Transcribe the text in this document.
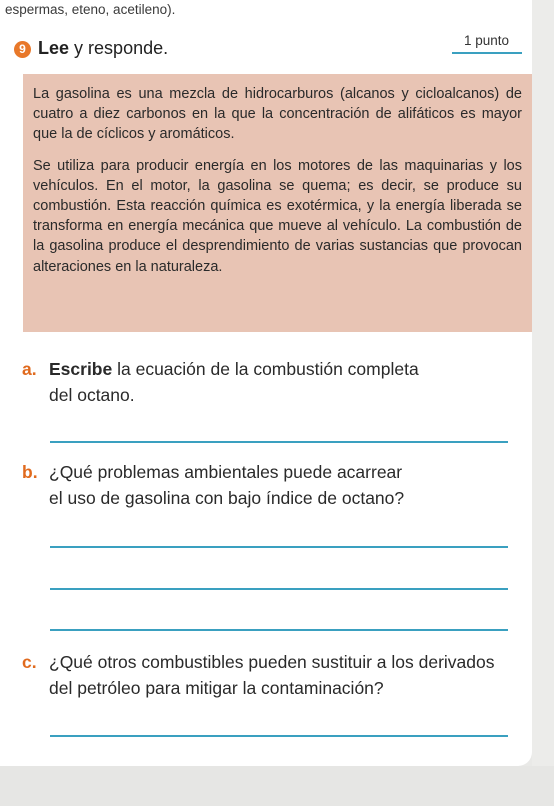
espermas, eteno, acetileno).
9 Lee y responde.	1 punto

La gasolina es una mezcla de hidrocarburos (alcanos y cicloalcanos) de cuatro a diez carbonos en la que la concentración de alifáticos es mayor que la de cíclicos y aromáticos.

Se utiliza para producir energía en los motores de las maquinarias y los vehículos. En el motor, la gasolina se quema; es decir, se produce su combustión. Esta reacción química es exotérmica, y la energía liberada se transforma en energía mecánica que mueve al vehículo. La combustión de la gasolina produce el desprendimiento de varias sustancias que provocan alteraciones en la naturaleza.

a. Escribe la ecuación de la combustión completa
del octano.
b. ¿Qué problemas ambientales puede acarrear
el uso de gasolina con bajo índice de octano?
c. ¿Qué otros combustibles pueden sustituir a los derivados
del petróleo para mitigar la contaminación?
